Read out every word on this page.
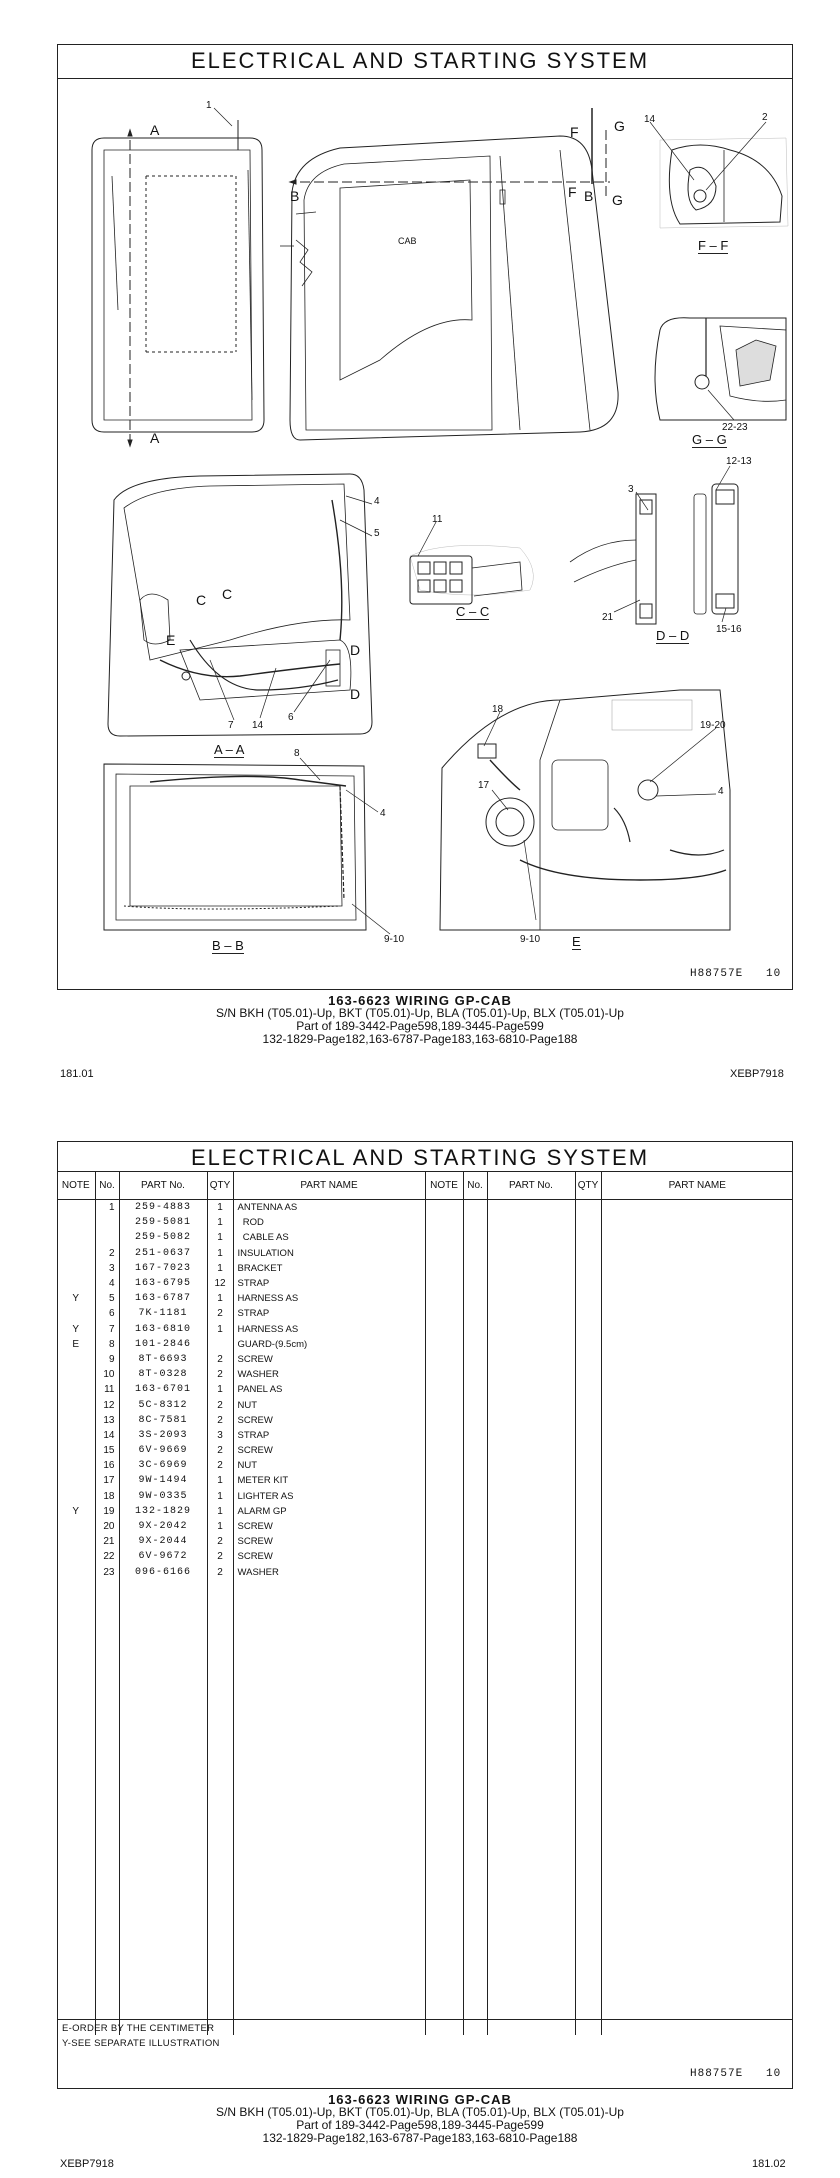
ELECTRICAL AND STARTING SYSTEM
1
14	2
CAB
22-23
12-13
3
21
15-16
4
5
11
7 14
6
8
4
9-10
18
17
19-20
4
9-10
A
A
B	B
F
F
G
G
C C
E
D
D
F – F
G – G
C – C
D – D
A – A
B – B	E
H88757E 10
163-6623 WIRING GP-CAB
S/N BKH (T05.01)-Up, BKT (T05.01)-Up, BLA (T05.01)-Up, BLX (T05.01)-Up
Part of 189-3442-Page598,189-3445-Page599
132-1829-Page182,163-6787-Page183,163-6810-Page188
181.01	XEBP7918
ELECTRICAL AND STARTING SYSTEM
NOTE	No.	PART No.	QTY	PART NAME	NOTE	No.	PART No.	QTY	PART NAME
	1	259-4883	1	ANTENNA AS					
		259-5081	1	ROD					
		259-5082	1	CABLE AS					
	2	251-0637	1	INSULATION					
	3	167-7023	1	BRACKET					
	4	163-6795	12	STRAP					
Y	5	163-6787	1	HARNESS AS					
	6	7K-1181	2	STRAP					
Y	7	163-6810	1	HARNESS AS					
E	8	101-2846		GUARD-(9.5cm)					
	9	8T-6693	2	SCREW					
	10	8T-0328	2	WASHER					
	11	163-6701	1	PANEL AS					
	12	5C-8312	2	NUT					
	13	8C-7581	2	SCREW					
	14	3S-2093	3	STRAP					
	15	6V-9669	2	SCREW					
	16	3C-6969	2	NUT					
	17	9W-1494	1	METER KIT					
	18	9W-0335	1	LIGHTER AS					
Y	19	132-1829	1	ALARM GP					
	20	9X-2042	1	SCREW					
	21	9X-2044	2	SCREW					
	22	6V-9672	2	SCREW					
	23	096-6166	2	WASHER					

E-ORDER BY THE CENTIMETER
Y-SEE SEPARATE ILLUSTRATION
H88757E 10
163-6623 WIRING GP-CAB
S/N BKH (T05.01)-Up, BKT (T05.01)-Up, BLA (T05.01)-Up, BLX (T05.01)-Up
Part of 189-3442-Page598,189-3445-Page599
132-1829-Page182,163-6787-Page183,163-6810-Page188
XEBP7918	181.02
